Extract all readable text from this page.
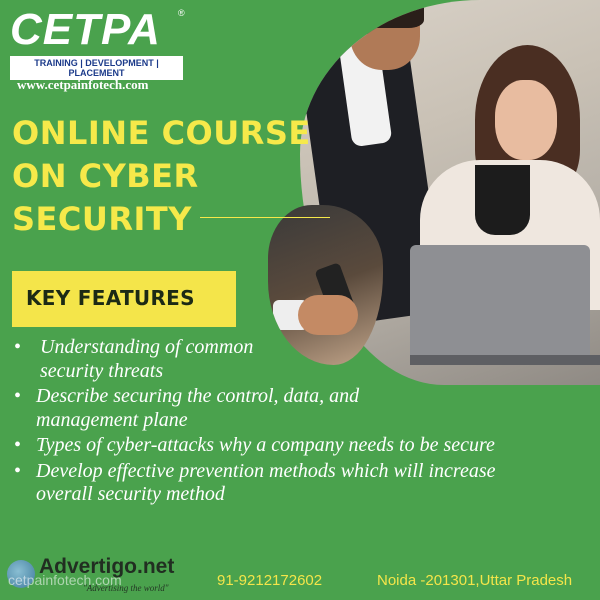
CETPA	®
TRAINING | DEVELOPMENT | PLACEMENT
www.cetpainfotech.com
ONLINE COURSE
ON CYBER
SECURITY
KEY FEATURES
• Understanding of common security threats
• Describe securing the control, data, and management plane
• Types of cyber-attacks why a company needs to be secure
• Develop effective prevention methods which will increase overall security method
Advertigo.net
"Advertising the world"
cetpainfotech.com	91-9212172602	Noida -201301,Uttar Pradesh
